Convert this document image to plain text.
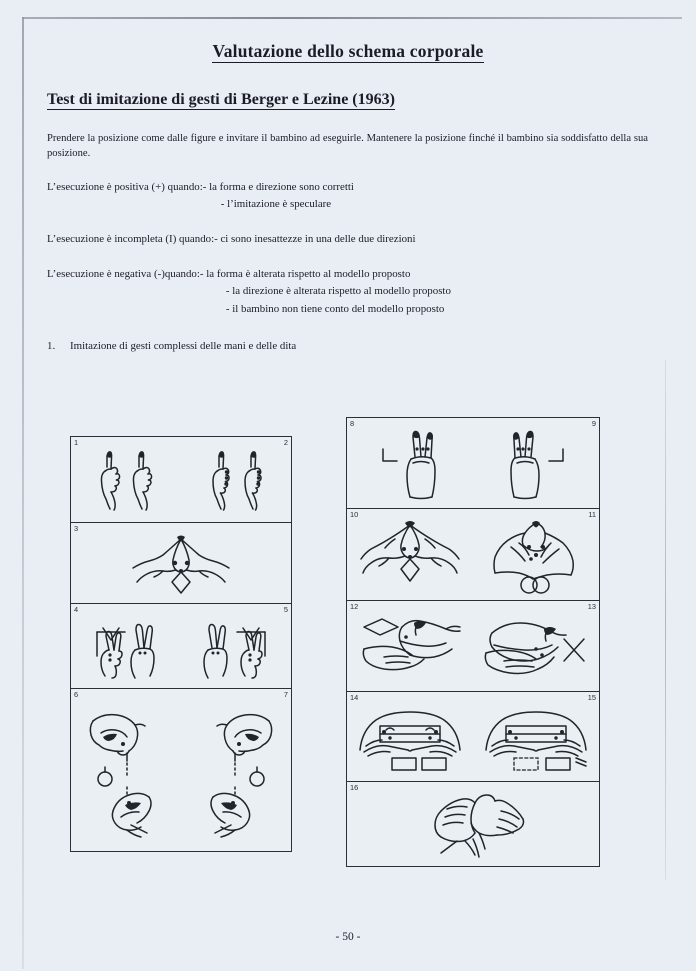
Valutazione dello schema corporale
Test di imitazione di gesti di Berger e Lezine (1963)
Prendere la posizione come dalle figure e invitare il bambino ad eseguirle. Mantenere la posizione finché il bambino sia soddisfatto della sua posizione.
L’esecuzione è positiva (+) quando: - la forma e direzione sono corretti
- l’imitazione è speculare
L’esecuzione è incompleta (I) quando: - ci sono inesattezze in una delle due direzioni
L’esecuzione è negativa (-)quando: - la forma è alterata rispetto al modello proposto
- la direzione è alterata rispetto al modello proposto
- il bambino non tiene conto del modello proposto
1. Imitazione di gesti complessi delle mani e delle dita
1	2
3
4	5
6	7
8	9
10	11
12	13
14	15
16
- 50 -
